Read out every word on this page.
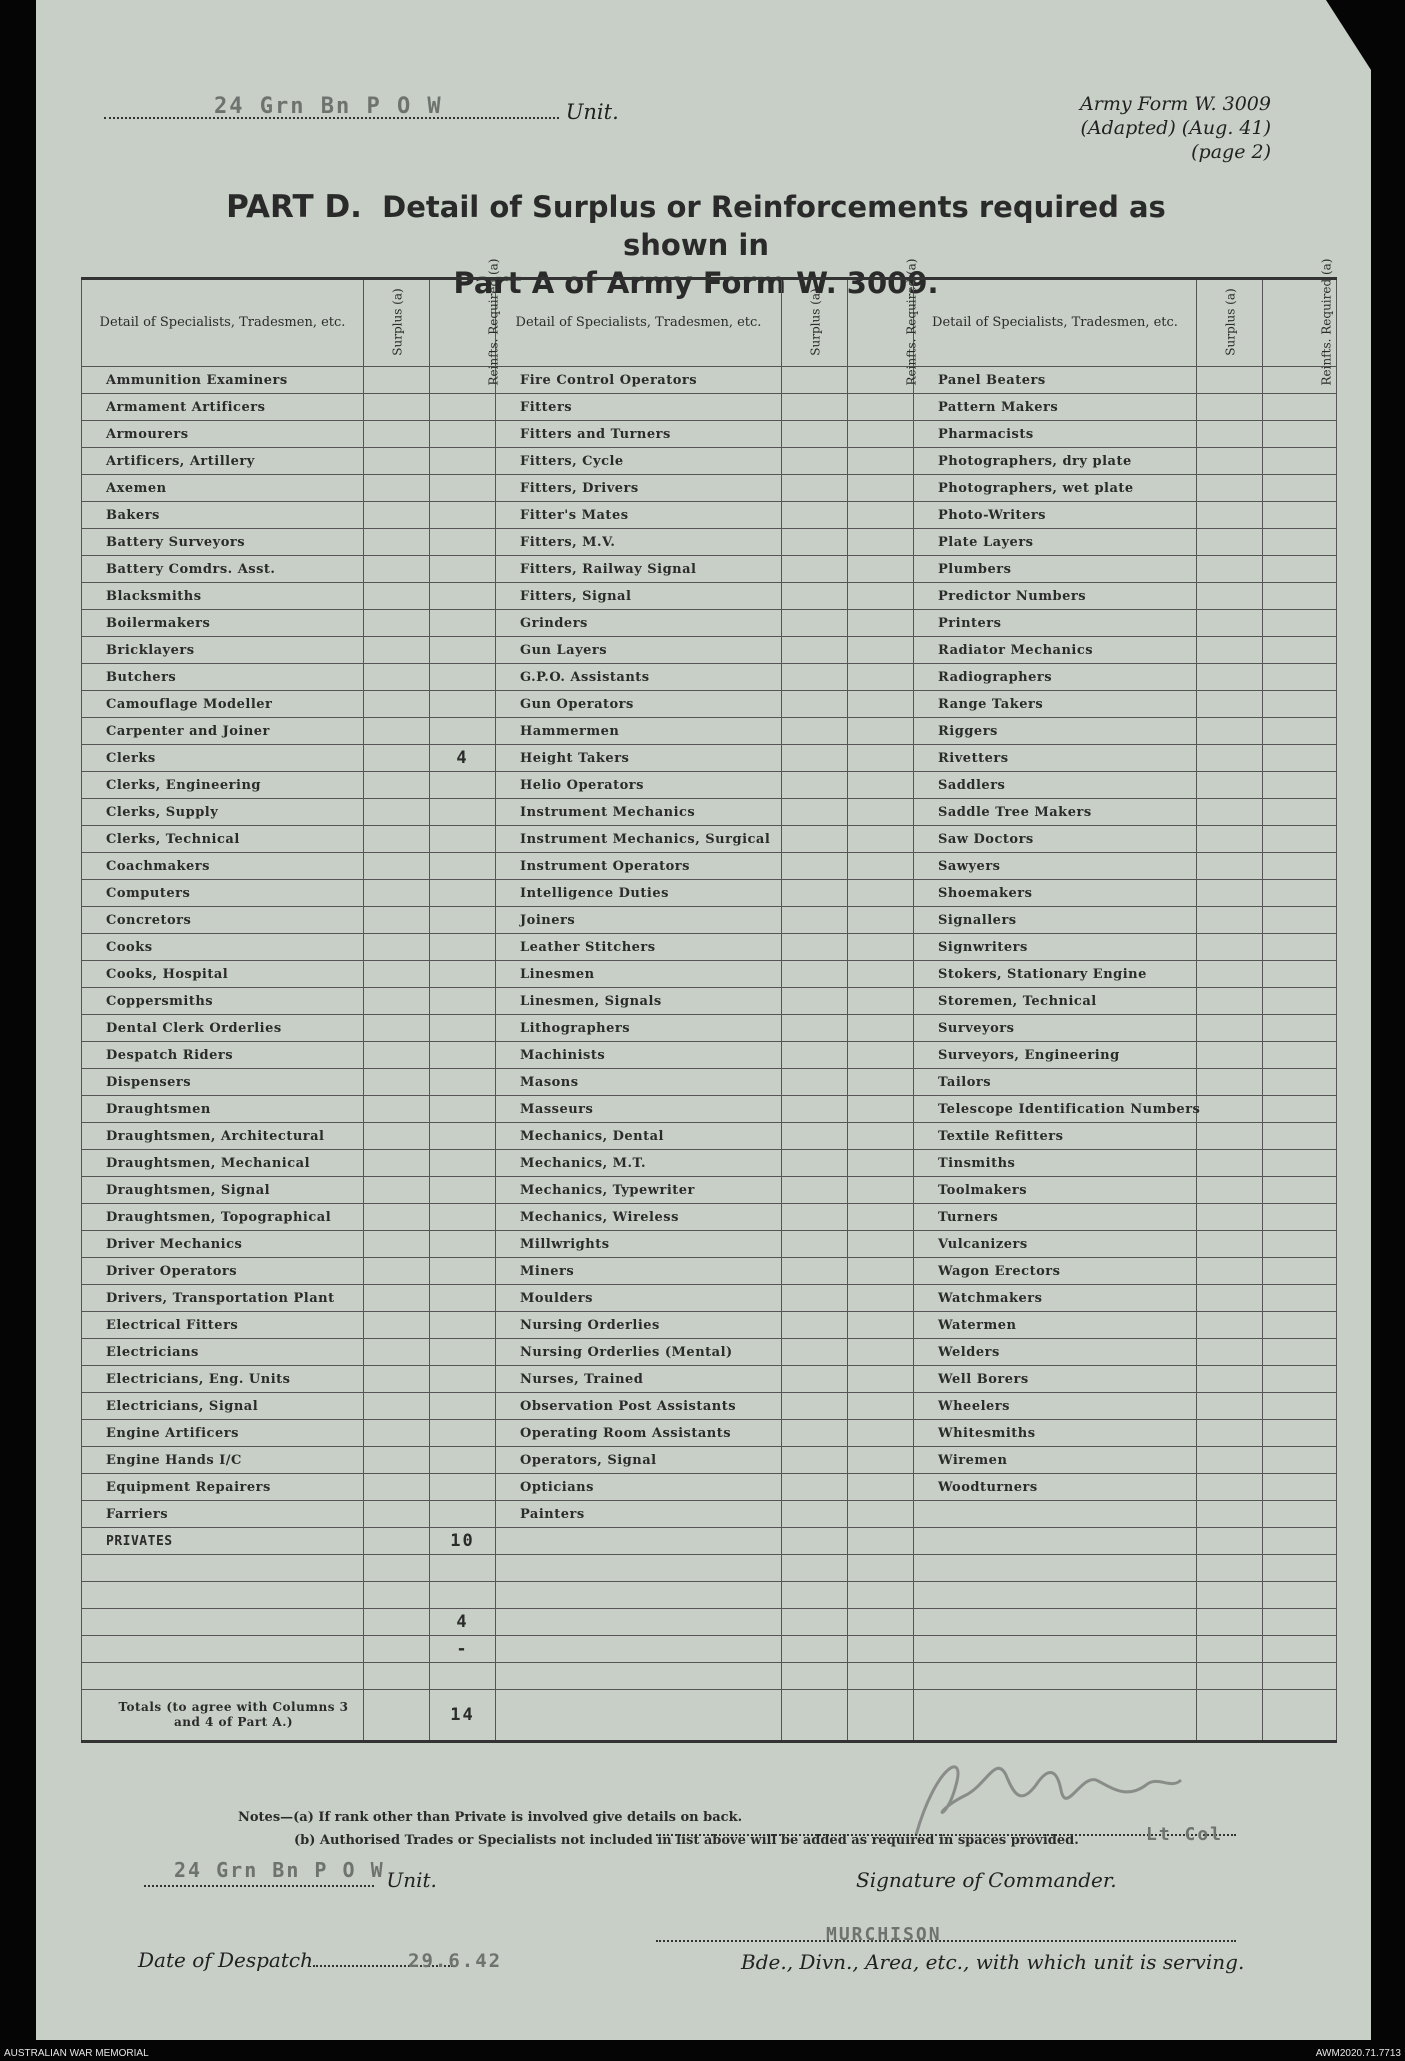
Unit.
24 Grn Bn P O W	Army Form W. 3009
(Adapted) (Aug. 41)
(page 2)
PART D. Detail of Surplus or Reinforcements required as shown in
Part A of Army Form W. 3009.
Detail of Specialists, Tradesmen, etc.	Surplus (a)	Reinfts. Required (a)	Detail of Specialists, Tradesmen, etc.	Surplus (a)	Reinfts. Required (a)	Detail of Specialists, Tradesmen, etc.	Surplus (a)	Reinfts. Required (a)
Ammunition Examiners			Fire Control Operators			Panel Beaters		
Armament Artificers			Fitters			Pattern Makers		
Armourers			Fitters and Turners			Pharmacists		
Artificers, Artillery			Fitters, Cycle			Photographers, dry plate		
Axemen			Fitters, Drivers			Photographers, wet plate		
Bakers			Fitter's Mates			Photo-Writers		
Battery Surveyors			Fitters, M.V.			Plate Layers		
Battery Comdrs. Asst.			Fitters, Railway Signal			Plumbers		
Blacksmiths			Fitters, Signal			Predictor Numbers		
Boilermakers			Grinders			Printers		
Bricklayers			Gun Layers			Radiator Mechanics		
Butchers			G.P.O. Assistants			Radiographers		
Camouflage Modeller			Gun Operators			Range Takers		
Carpenter and Joiner			Hammermen			Riggers		
Clerks		4	Height Takers			Rivetters		
Clerks, Engineering			Helio Operators			Saddlers		
Clerks, Supply			Instrument Mechanics			Saddle Tree Makers		
Clerks, Technical			Instrument Mechanics, Surgical			Saw Doctors		
Coachmakers			Instrument Operators			Sawyers		
Computers			Intelligence Duties			Shoemakers		
Concretors			Joiners			Signallers		
Cooks			Leather Stitchers			Signwriters		
Cooks, Hospital			Linesmen			Stokers, Stationary Engine		
Coppersmiths			Linesmen, Signals			Storemen, Technical		
Dental Clerk Orderlies			Lithographers			Surveyors		
Despatch Riders			Machinists			Surveyors, Engineering		
Dispensers			Masons			Tailors		
Draughtsmen			Masseurs			Telescope Identification Numbers		
Draughtsmen, Architectural			Mechanics, Dental			Textile Refitters		
Draughtsmen, Mechanical			Mechanics, M.T.			Tinsmiths		
Draughtsmen, Signal			Mechanics, Typewriter			Toolmakers		
Draughtsmen, Topographical			Mechanics, Wireless			Turners		
Driver Mechanics			Millwrights			Vulcanizers		
Driver Operators			Miners			Wagon Erectors		
Drivers, Transportation Plant			Moulders			Watchmakers		
Electrical Fitters			Nursing Orderlies			Watermen		
Electricians			Nursing Orderlies (Mental)			Welders		
Electricians, Eng. Units			Nurses, Trained			Well Borers		
Electricians, Signal			Observation Post Assistants			Wheelers		
Engine Artificers			Operating Room Assistants			Whitesmiths		
Engine Hands I/C			Operators, Signal			Wiremen		
Equipment Repairers			Opticians			Woodturners		
Farriers			Painters					
PRIVATES		10						

		4						
		-						

Totals (to agree with Columns 3 and 4 of Part A.)		14						
Notes—(a) If rank other than Private is involved give details on back.
(b) Authorised Trades or Specialists not included in list above will be added as required in spaces provided.
Unit.
24 Grn Bn P O W
Lt Col
Signature of Commander.
Date of Despatch	29.6.42
MURCHISON
Bde., Divn., Area, etc., with which unit is serving.
AUSTRALIAN WAR MEMORIAL	AWM2020.71.7713
